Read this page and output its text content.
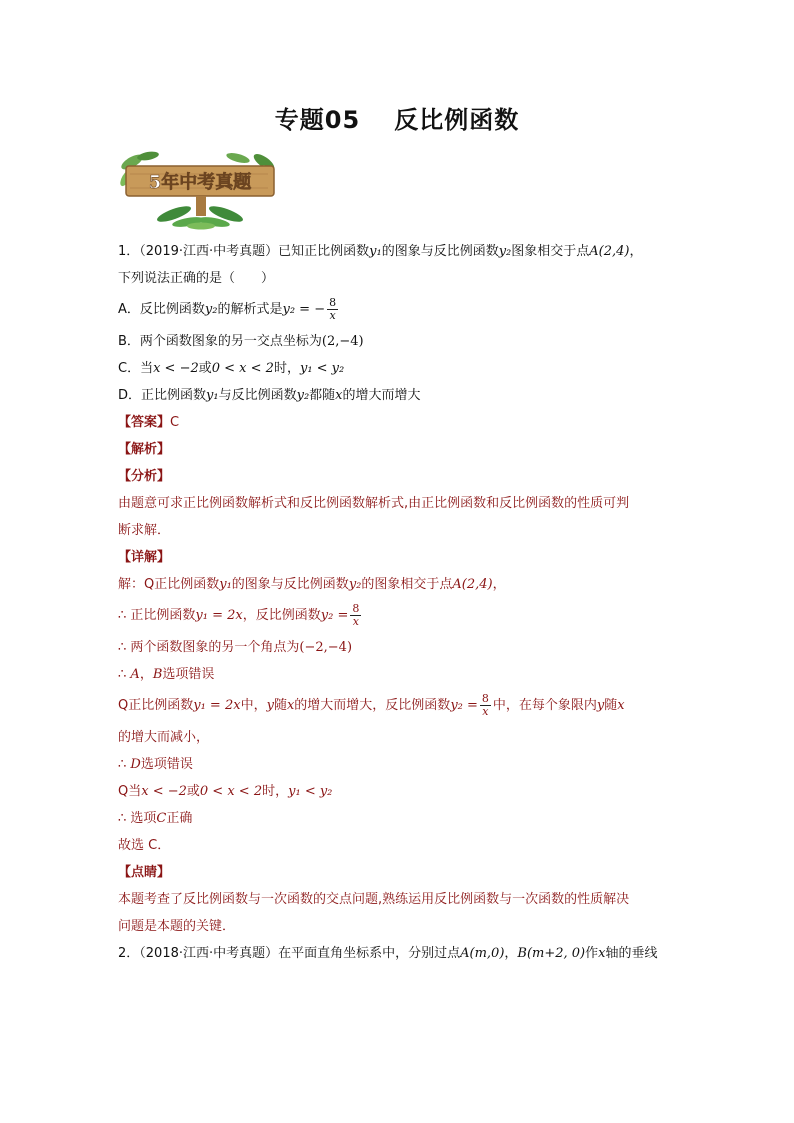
专题05 反比例函数
5年中考真题
1．（2019·江西·中考真题）已知正比例函数y₁的图象与反比例函数y₂图象相交于点A(2,4)，
下列说法正确的是（　　）
A．反比例函数y₂的解析式是y₂ = − $\frac{8}{x}$
B．两个函数图象的另一交点坐标为(2,−4)
C．当x < −2或0 < x < 2时，y₁ < y₂
D．正比例函数y₁与反比例函数y₂都随x的增大而增大
【答案】C
【解析】
【分析】
由题意可求正比例函数解析式和反比例函数解析式,由正比例函数和反比例函数的性质可判
断求解．
【详解】
解：Q正比例函数y₁的图象与反比例函数y₂的图象相交于点A(2,4)，
∴ 正比例函数y₁ = 2x，反比例函数$y_2 = \frac{8}{x}$
∴ 两个函数图象的另一个角点为(−2,−4)
∴ A，B选项错误
Q正比例函数y₁ = 2x中，y随x的增大而增大，反比例函数$y_2 = \frac{8}{x}$ 中，在每个象限内y随x
的增大而减小，
∴ D选项错误
Q当x < −2或0 < x < 2时，y₁ < y₂
∴ 选项C正确
故选 C．
【点睛】
本题考查了反比例函数与一次函数的交点问题,熟练运用反比例函数与一次函数的性质解决
问题是本题的关键．
2．（2018·江西·中考真题）在平面直角坐标系中，分别过点A(m,0)，B(m+2, 0)作x轴的垂线
